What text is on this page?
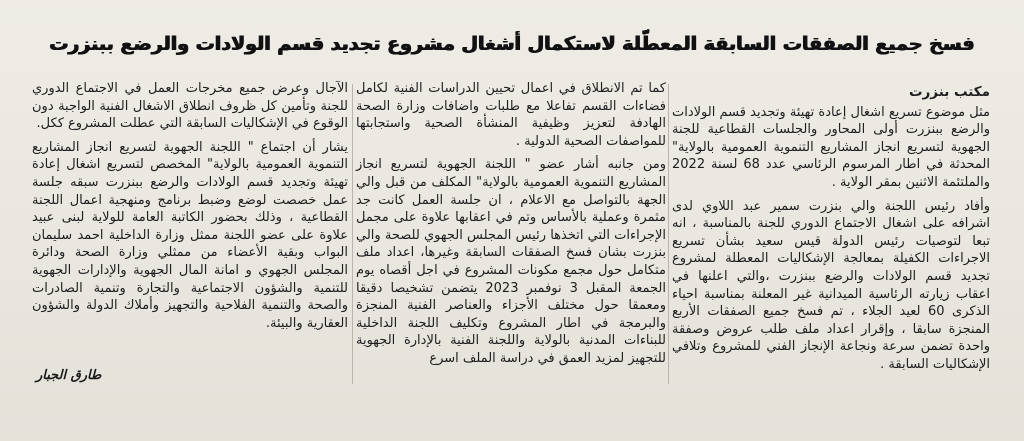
فسخ جميع الصفقات السابقة المعطّلة لاستكمال أشغال مشروع تجديد قسم الولادات والرضع ببنزرت

مكتب بنزرت

مثل موضوع تسريع اشغال إعادة تهيئة وتجديد قسم الولادات والرضع ببنزرت أولى المحاور والجلسات القطاعية للجنة الجهوية لتسريع انجاز المشاريع التنموية العمومية بالولاية" المحدثة في اطار المرسوم الرئاسي عدد 68 لسنة 2022 والملتئمة الاثنين بمقر الولاية .

وأفاد رئيس اللجنة والي بنزرت سمير عبد اللاوي لدى اشرافه على اشغال الاجتماع الدوري للجنة بالمناسبة ، انه تبعا لتوصيات رئيس الدولة قيس سعيد بشأن تسريع الاجراءات الكفيلة بمعالجة الإشكاليات المعطلة لمشروع تجديد قسم الولادات والرضع ببنزرت ،والتي اعلنها في اعقاب زيارته الرئاسية الميدانية غير المعلنة بمناسبة احياء الذكرى 60 لعيد الجلاء ، تم فسخ جميع الصفقات الأربع المنجزة سابقا ، وإقرار اعداد ملف طلب عروض وصفقة واحدة تضمن سرعة ونجاعة الإنجاز الفني للمشروع وتلافي الإشكاليات السابقة .

كما تم الانطلاق في اعمال تحيين الدراسات الفنية لكامل فضاءات القسم تفاعلا مع طلبات واضافات وزارة الصحة الهادفة لتعزيز وظيفية المنشأة الصحية واستجابتها للمواصفات الصحية الدولية .

ومن جانبه أشار عضو " اللجنة الجهوية لتسريع انجاز المشاريع التنموية العمومية بالولاية" المكلف من قبل والي الجهة بالتواصل مع الاعلام ، ان جلسة العمل كانت جد مثمرة وعملية بالأساس وتم في اعقابها علاوة على مجمل الإجراءات التي اتخذها رئيس المجلس الجهوي للصحة والي بنزرت بشان فسخ الصفقات السابقة وغيرها، اعداد ملف متكامل حول مجمع مكونات المشروع في اجل أقصاه يوم الجمعة المقبل 3 نوفمبر 2023 يتضمن تشخيصا دقيقا ومعمقا حول مختلف الأجزاء والعناصر الفنية المنجزة والبرمجة في اطار المشروع وتكليف اللجنة الداخلية للبناءات المدنية بالولاية واللجنة الفنية بالإدارة الجهوية للتجهيز لمزيد العمق في دراسة الملف اسرع

الآجال وعرض جميع مخرجات العمل في الاجتماع الدوري للجنة وتأمين كل ظروف انطلاق الاشغال الفنية الواجبة دون الوقوع في الإشكاليات السابقة التي عطلت المشروع ككل.

يشار أن اجتماع " اللجنة الجهوية لتسريع انجاز المشاريع التنموية العمومية بالولاية" المخصص لتسريع اشغال إعادة تهيئة وتجديد قسم الولادات والرضع ببنزرت سبقه جلسة عمل خصصت لوضع وضبط برنامج ومنهجية اعمال اللجنة القطاعية ، وذلك بحضور الكاتبة العامة للولاية لبنى عبيد علاوة على عضو اللجنة ممثل وزارة الداخلية احمد سليمان البواب وبقية الأعضاء من ممثلي وزارة الصحة ودائرة المجلس الجهوي و امانة المال الجهوية والإدارات الجهوية للتنمية والشؤون الاجتماعية والتجارة وتنمية الصادرات والصحة والتنمية الفلاحية والتجهيز وأملاك الدولة والشؤون العقارية والبيئة.

طارق الجبار
